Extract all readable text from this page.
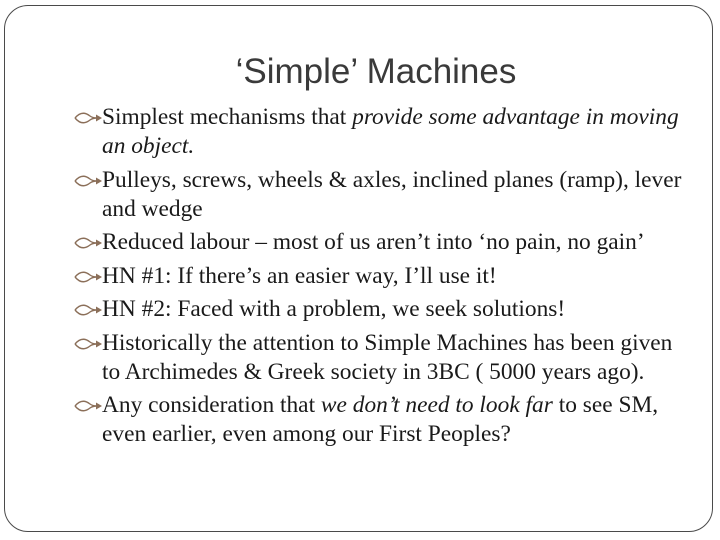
‘Simple’ Machines
Simplest mechanisms that provide some advantage in moving an object.
Pulleys, screws, wheels & axles, inclined planes (ramp), lever and wedge
Reduced labour – most of us aren’t into ‘no pain, no gain’
HN #1: If there’s an easier way, I’ll use it!
HN #2: Faced with a problem, we seek solutions!
Historically the attention to Simple Machines has been given to Archimedes & Greek society in 3BC ( 5000 years ago).
Any consideration that we don’t need to look far to see SM, even earlier, even among our First Peoples?
